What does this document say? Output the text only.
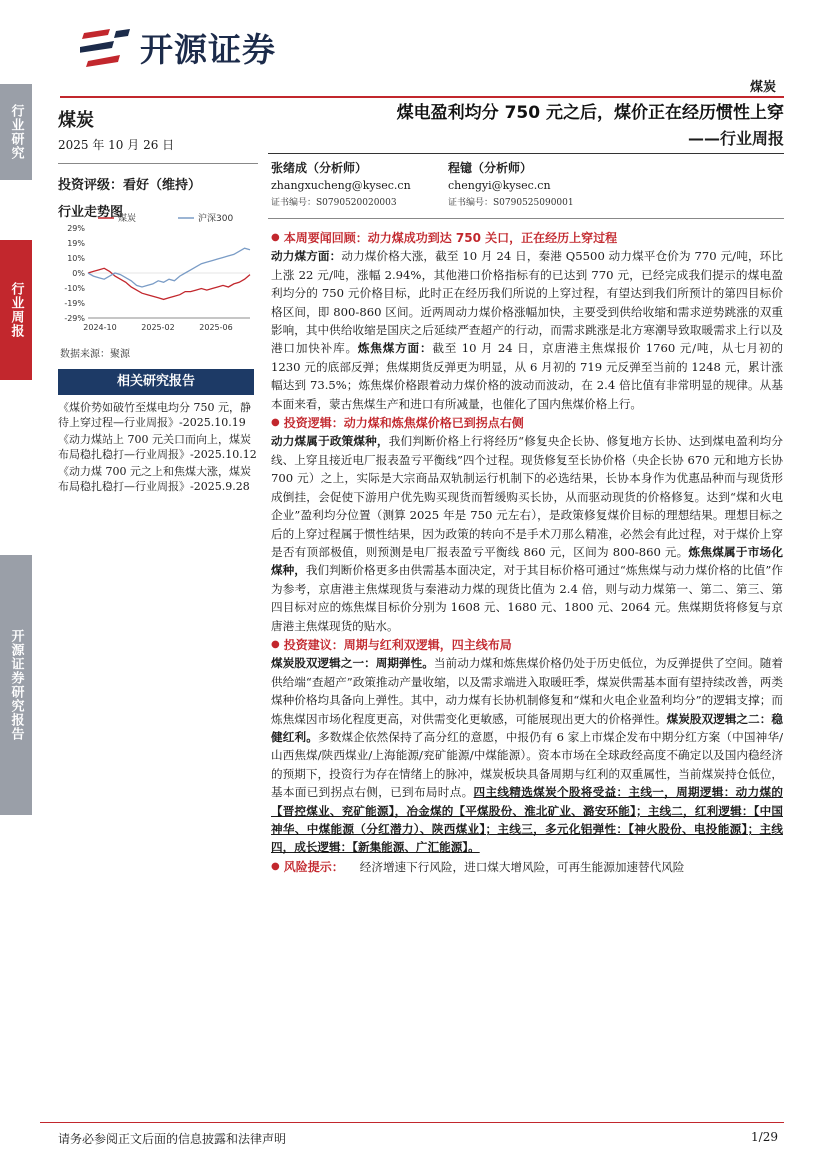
行业研究
行业周报
开源证券研究报告
开源证券
煤炭
煤炭
2025 年 10 月 26 日
投资评级：看好（维持）
行业走势图
煤炭	沪深300
29%
19%
10%
0%
-10%
-19%
-29%
2024-10	2025-02	2025-06
数据来源：聚源
相关研究报告
《煤价势如破竹至煤电均分 750 元，静待上穿过程—行业周报》-2025.10.19
《动力煤站上 700 元关口而向上，煤炭布局稳扎稳打—行业周报》-2025.10.12
《动力煤 700 元之上和焦煤大涨，煤炭布局稳扎稳打—行业周报》-2025.9.28
煤电盈利均分 750 元之后，煤价正在经历惯性上穿
——行业周报
张绪成（分析师）
zhangxucheng@kysec.cn
证书编号：S0790520020003
程镱（分析师）
chengyi@kysec.cn
证书编号：S0790525090001
● 本周要闻回顾：动力煤成功到达 750 关口，正在经历上穿过程

动力煤方面：动力煤价格大涨，截至 10 月 24 日，秦港 Q5500 动力煤平仓价为 770 元/吨，环比上涨 22 元/吨，涨幅 2.94%，其他港口价格指标有的已达到 770 元，已经完成我们提示的煤电盈利均分的 750 元价格目标，此时正在经历我们所说的上穿过程，有望达到我们所预计的第四目标价格区间，即 800-860 区间。近两周动力煤价格涨幅加快，主要受到供给收缩和需求逆势跳涨的双重影响，其中供给收缩是国庆之后延续严查超产的行动，而需求跳涨是北方寒潮导致取暖需求上行以及港口加快补库。炼焦煤方面：截至 10 月 24 日，京唐港主焦煤报价 1760 元/吨，从七月初的 1230 元的底部反弹；焦煤期货反弹更为明显，从 6 月初的 719 元反弹至当前的 1248 元，累计涨幅达到 73.5%；炼焦煤价格跟着动力煤价格的波动而波动，在 2.4 倍比值有非常明显的规律。从基本面来看，蒙古焦煤生产和进口有所减量，也催化了国内焦煤价格上行。

● 投资逻辑：动力煤和炼焦煤价格已到拐点右侧

动力煤属于政策煤种，我们判断价格上行将经历“修复央企长协、修复地方长协、达到煤电盈利均分线、上穿且接近电厂报表盈亏平衡线”四个过程。现货修复至长协价格（央企长协 670 元和地方长协 700 元）之上，实际是大宗商品双轨制运行机制下的必选结果，长协本身作为优惠品种而与现货形成倒挂，会促使下游用户优先购买现货而暂缓购买长协，从而驱动现货的价格修复。达到“煤和火电企业”盈利均分位置（测算 2025 年是 750 元左右），是政策修复煤价目标的理想结果。理想目标之后的上穿过程属于惯性结果，因为政策的转向不是手术刀那么精准，必然会有此过程，对于煤价上穿是否有顶部极值，则预测是电厂报表盈亏平衡线 860 元，区间为 800-860 元。炼焦煤属于市场化煤种，我们判断价格更多由供需基本面决定，对于其目标价格可通过“炼焦煤与动力煤价格的比值”作为参考，京唐港主焦煤现货与秦港动力煤的现货比值为 2.4 倍，则与动力煤第一、第二、第三、第四目标对应的炼焦煤目标价分别为 1608 元、1680 元、1800 元、2064 元。焦煤期货将修复与京唐港主焦煤现货的贴水。

● 投资建议：周期与红利双逻辑，四主线布局

煤炭股双逻辑之一：周期弹性。当前动力煤和炼焦煤价格仍处于历史低位，为反弹提供了空间。随着供给端“查超产”政策推动产量收缩，以及需求端进入取暖旺季，煤炭供需基本面有望持续改善，两类煤种价格均具备向上弹性。其中，动力煤有长协机制修复和“煤和火电企业盈利均分”的逻辑支撑；而炼焦煤因市场化程度更高，对供需变化更敏感，可能展现出更大的价格弹性。煤炭股双逻辑之二：稳健红利。多数煤企依然保持了高分红的意愿，中报仍有 6 家上市煤企发布中期分红方案（中国神华/山西焦煤/陕西煤业/上海能源/兖矿能源/中煤能源）。资本市场在全球政经高度不确定以及国内稳经济的预期下，投资行为存在情绪上的脉冲，煤炭板块具备周期与红利的双重属性，当前煤炭持仓低位，基本面已到拐点右侧，已到布局时点。四主线精选煤炭个股将受益：主线一，周期逻辑：动力煤的【晋控煤业、兖矿能源】，冶金煤的【平煤股份、淮北矿业、潞安环能】；主线二，红利逻辑：【中国神华、中煤能源（分红潜力）、陕西煤业】；主线三，多元化铝弹性：【神火股份、电投能源】；主线四，成长逻辑：【新集能源、广汇能源】。

● 风险提示： 经济增速下行风险，进口煤大增风险，可再生能源加速替代风险
请务必参阅正文后面的信息披露和法律声明	1/29
